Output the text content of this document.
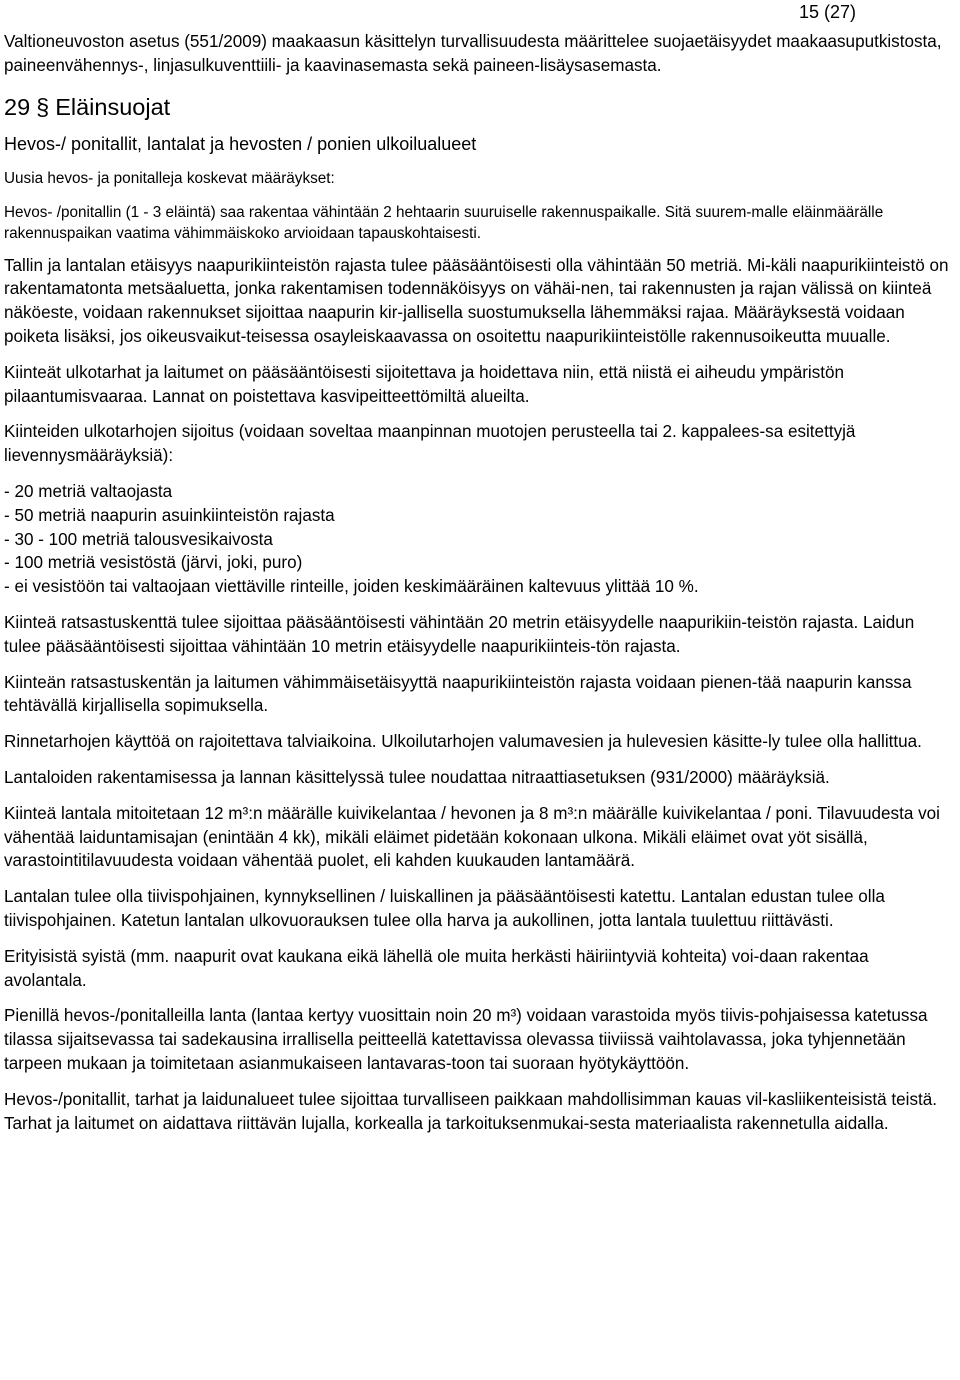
15 (27)

Valtioneuvoston asetus (551/2009) maakaasun käsittelyn turvallisuudesta määrittelee suojaetäisyydet maakaasuputkistosta, paineenvähennys-, linjasulkuventtiili- ja kaavinasemasta sekä paineen-lisäysasemasta.

29 § Eläinsuojat
Hevos-/ ponitallit, lantalat ja hevosten / ponien ulkoilualueet

Uusia hevos- ja ponitalleja koskevat määräykset:

Hevos- /ponitallin (1 - 3 eläintä) saa rakentaa vähintään 2 hehtaarin suuruiselle rakennuspaikalle. Sitä suurem-malle eläinmäärälle rakennuspaikan vaatima vähimmäiskoko arvioidaan tapauskohtaisesti.

Tallin ja lantalan etäisyys naapurikiinteistön rajasta tulee pääsääntöisesti olla vähintään 50 metriä. Mi-käli naapurikiinteistö on rakentamatonta metsäaluetta, jonka rakentamisen todennäköisyys on vähäi-nen, tai rakennusten ja rajan välissä on kiinteä näköeste, voidaan rakennukset sijoittaa naapurin kir-jallisella suostumuksella lähemmäksi rajaa. Määräyksestä voidaan poiketa lisäksi, jos oikeusvaikut-teisessa osayleiskaavassa on osoitettu naapurikiinteistölle rakennusoikeutta muualle.

Kiinteät ulkotarhat ja laitumet on pääsääntöisesti sijoitettava ja hoidettava niin, että niistä ei aiheudu ympäristön pilaantumisvaaraa. Lannat on poistettava kasvipeitteettömiltä alueilta.

Kiinteiden ulkotarhojen sijoitus (voidaan soveltaa maanpinnan muotojen perusteella tai 2. kappalees-sa esitettyjä lievennysmääräyksiä):

- 20 metriä valtaojasta
- 50 metriä naapurin asuinkiinteistön rajasta
- 30 - 100 metriä talousvesikaivosta
- 100 metriä vesistöstä (järvi, joki, puro)
- ei vesistöön tai valtaojaan viettäville rinteille, joiden keskimääräinen kaltevuus ylittää 10 %.

Kiinteä ratsastuskenttä tulee sijoittaa pääsääntöisesti vähintään 20 metrin etäisyydelle naapurikiin-teistön rajasta. Laidun tulee pääsääntöisesti sijoittaa vähintään 10 metrin etäisyydelle naapurikiinteis-tön rajasta.

Kiinteän ratsastuskentän ja laitumen vähimmäisetäisyyttä naapurikiinteistön rajasta voidaan pienen-tää naapurin kanssa tehtävällä kirjallisella sopimuksella.

Rinnetarhojen käyttöä on rajoitettava talviaikoina. Ulkoilutarhojen valumavesien ja hulevesien käsitte-ly tulee olla hallittua.

Lantaloiden rakentamisessa ja lannan käsittelyssä tulee noudattaa nitraattiasetuksen (931/2000) määräyksiä.

Kiinteä lantala mitoitetaan 12 m³:n määrälle kuivikelantaa / hevonen ja 8 m³:n määrälle kuivikelantaa / poni. Tilavuudesta voi vähentää laiduntamisajan (enintään 4 kk), mikäli eläimet pidetään kokonaan ulkona. Mikäli eläimet ovat yöt sisällä, varastointitilavuudesta voidaan vähentää puolet, eli kahden kuukauden lantamäärä.

Lantalan tulee olla tiivispohjainen, kynnyksellinen / luiskallinen ja pääsääntöisesti katettu. Lantalan edustan tulee olla tiivispohjainen. Katetun lantalan ulkovuorauksen tulee olla harva ja aukollinen, jotta lantala tuulettuu riittävästi.

Erityisistä syistä (mm. naapurit ovat kaukana eikä lähellä ole muita herkästi häiriintyviä kohteita) voi-daan rakentaa avolantala.

Pienillä hevos-/ponitalleilla lanta (lantaa kertyy vuosittain noin 20 m³) voidaan varastoida myös tiivis-pohjaisessa katetussa tilassa sijaitsevassa tai sadekausina irrallisella peitteellä katettavissa olevassa tiiviissä vaihtolavassa, joka tyhjennetään tarpeen mukaan ja toimitetaan asianmukaiseen lantavaras-toon tai suoraan hyötykäyttöön.

Hevos-/ponitallit, tarhat ja laidunalueet tulee sijoittaa turvalliseen paikkaan mahdollisimman kauas vil-kasliikenteisistä teistä. Tarhat ja laitumet on aidattava riittävän lujalla, korkealla ja tarkoituksenmukai-sesta materiaalista rakennetulla aidalla.
